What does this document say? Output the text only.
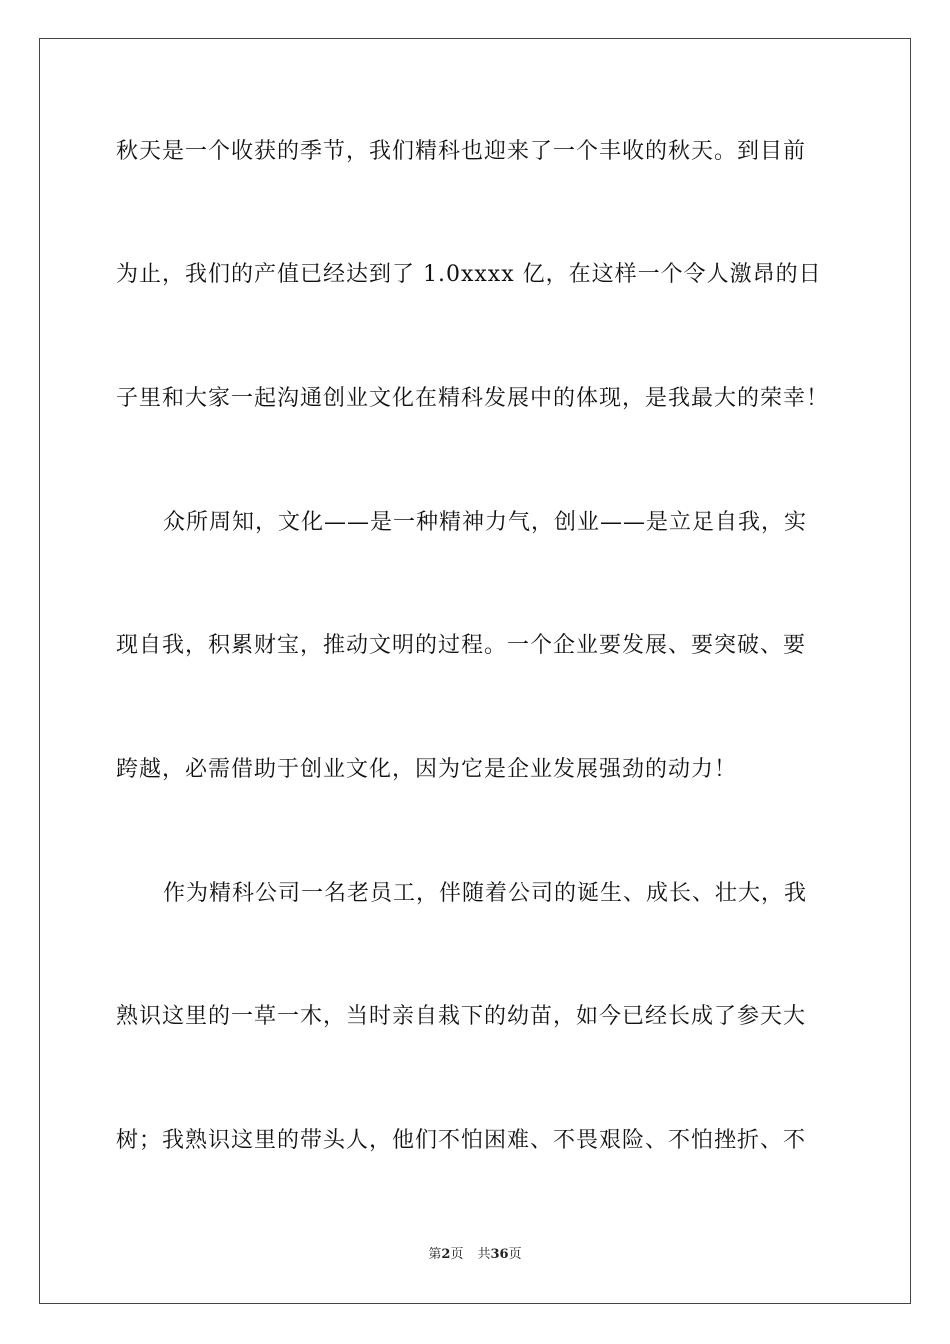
秋天是一个收获的季节，我们精科也迎来了一个丰收的秋天。到目前
为止，我们的产值已经达到了 1.0xxxx 亿，在这样一个令人激昂的日
子里和大家一起沟通创业文化在精科发展中的体现，是我最大的荣幸！
众所周知，文化——是一种精神力气，创业——是立足自我，实
现自我，积累财宝，推动文明的过程。一个企业要发展、要突破、要
跨越，必需借助于创业文化，因为它是企业发展强劲的动力！
作为精科公司一名老员工，伴随着公司的诞生、成长、壮大，我
熟识这里的一草一木，当时亲自栽下的幼苗，如今已经长成了参天大
树；我熟识这里的带头人，他们不怕困难、不畏艰险、不怕挫折、不
第2页 共36页
